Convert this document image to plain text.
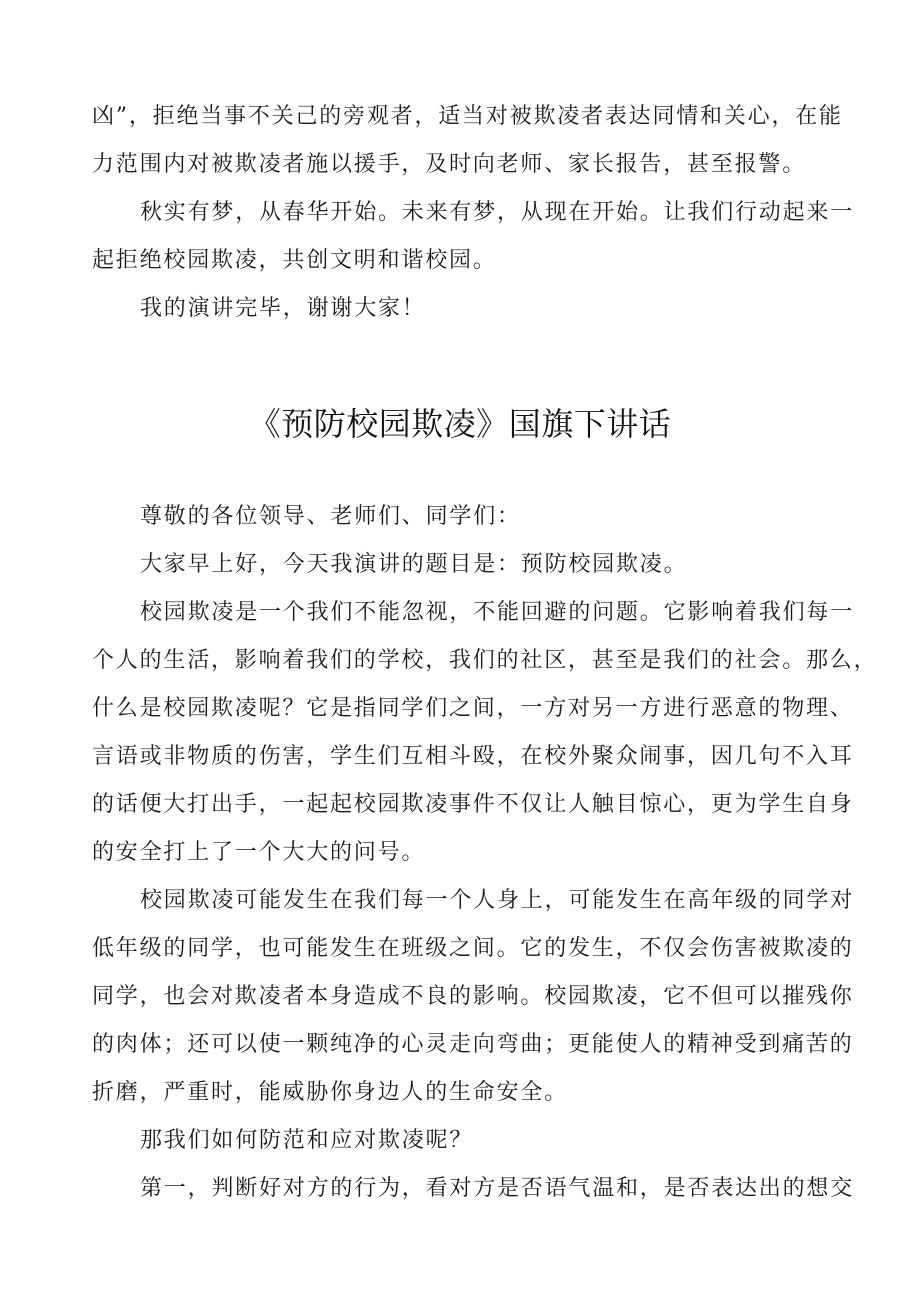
凶”，拒绝当事不关己的旁观者，适当对被欺凌者表达同情和关心，在能
力范围内对被欺凌者施以援手，及时向老师、家长报告，甚至报警。
秋实有梦，从春华开始。未来有梦，从现在开始。让我们行动起来一
起拒绝校园欺凌，共创文明和谐校园。
我的演讲完毕，谢谢大家！
《预防校园欺凌》国旗下讲话
尊敬的各位领导、老师们、同学们：
大家早上好，今天我演讲的题目是：预防校园欺凌。
校园欺凌是一个我们不能忽视，不能回避的问题。它影响着我们每一
个人的生活，影响着我们的学校，我们的社区，甚至是我们的社会。那么，
什么是校园欺凌呢？它是指同学们之间，一方对另一方进行恶意的物理、
言语或非物质的伤害，学生们互相斗殴，在校外聚众闹事，因几句不入耳
的话便大打出手，一起起校园欺凌事件不仅让人触目惊心，更为学生自身
的安全打上了一个大大的问号。
校园欺凌可能发生在我们每一个人身上，可能发生在高年级的同学对
低年级的同学，也可能发生在班级之间。它的发生，不仅会伤害被欺凌的
同学，也会对欺凌者本身造成不良的影响。校园欺凌，它不但可以摧残你
的肉体；还可以使一颗纯净的心灵走向弯曲；更能使人的精神受到痛苦的
折磨，严重时，能威胁你身边人的生命安全。
那我们如何防范和应对欺凌呢？
第一，判断好对方的行为，看对方是否语气温和，是否表达出的想交
